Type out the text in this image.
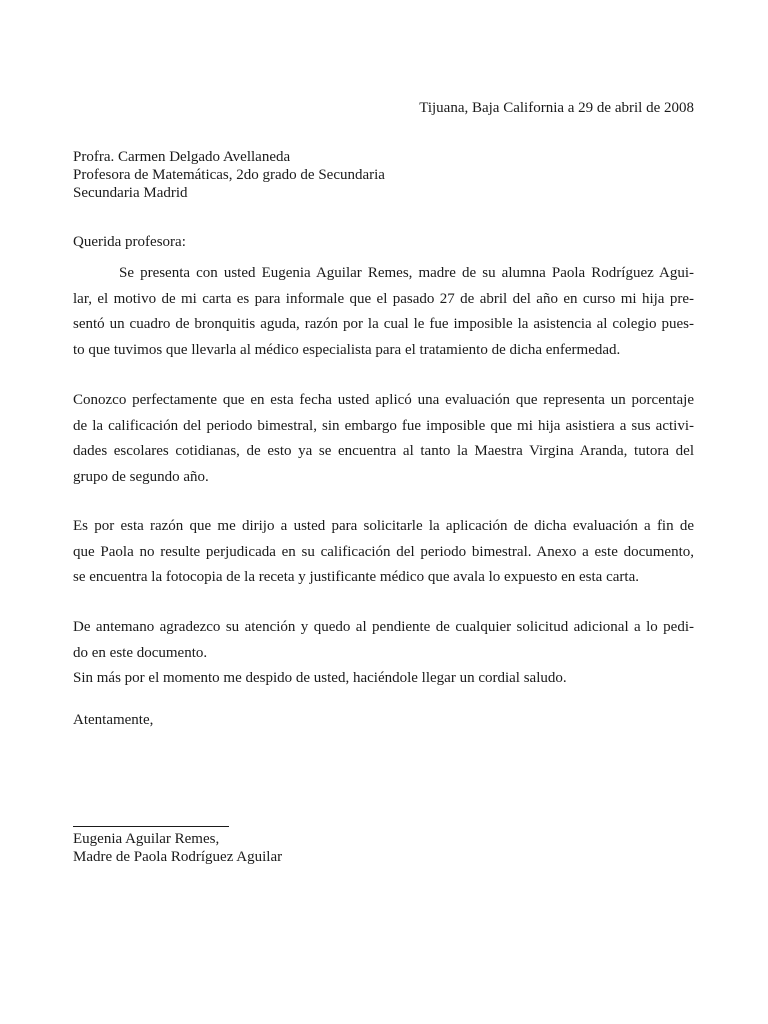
Tijuana, Baja California a 29 de abril de 2008
Profra. Carmen Delgado Avellaneda
Profesora de Matemáticas, 2do grado de Secundaria
Secundaria Madrid
Querida profesora:
Se presenta con usted Eugenia Aguilar Remes, madre de su alumna Paola Rodríguez Agui-
lar, el motivo de mi carta es para informale que el pasado 27 de abril del año en curso mi hija pre-
sentó un cuadro de bronquitis aguda, razón por la cual le fue imposible la asistencia al colegio pues-
to que tuvimos que llevarla al médico especialista para el tratamiento de dicha enfermedad.
Conozco perfectamente que en esta fecha usted aplicó una evaluación que representa un porcentaje
de la calificación del periodo bimestral, sin embargo fue imposible que mi hija asistiera a sus activi-
dades escolares cotidianas, de esto ya se encuentra al tanto la Maestra Virgina Aranda, tutora del
grupo de segundo año.
Es por esta razón que me dirijo a usted para solicitarle la aplicación de dicha evaluación a fin de
que Paola no resulte perjudicada en su calificación del periodo bimestral. Anexo a este documento,
se encuentra la fotocopia de la receta y justificante médico que avala lo expuesto en esta carta.
De antemano agradezco su atención y quedo al pendiente de cualquier solicitud adicional a lo pedi-
do en este documento.
Sin más por el momento me despido de usted, haciéndole llegar un cordial saludo.
Atentamente,
Eugenia Aguilar Remes,
Madre de Paola Rodríguez Aguilar
